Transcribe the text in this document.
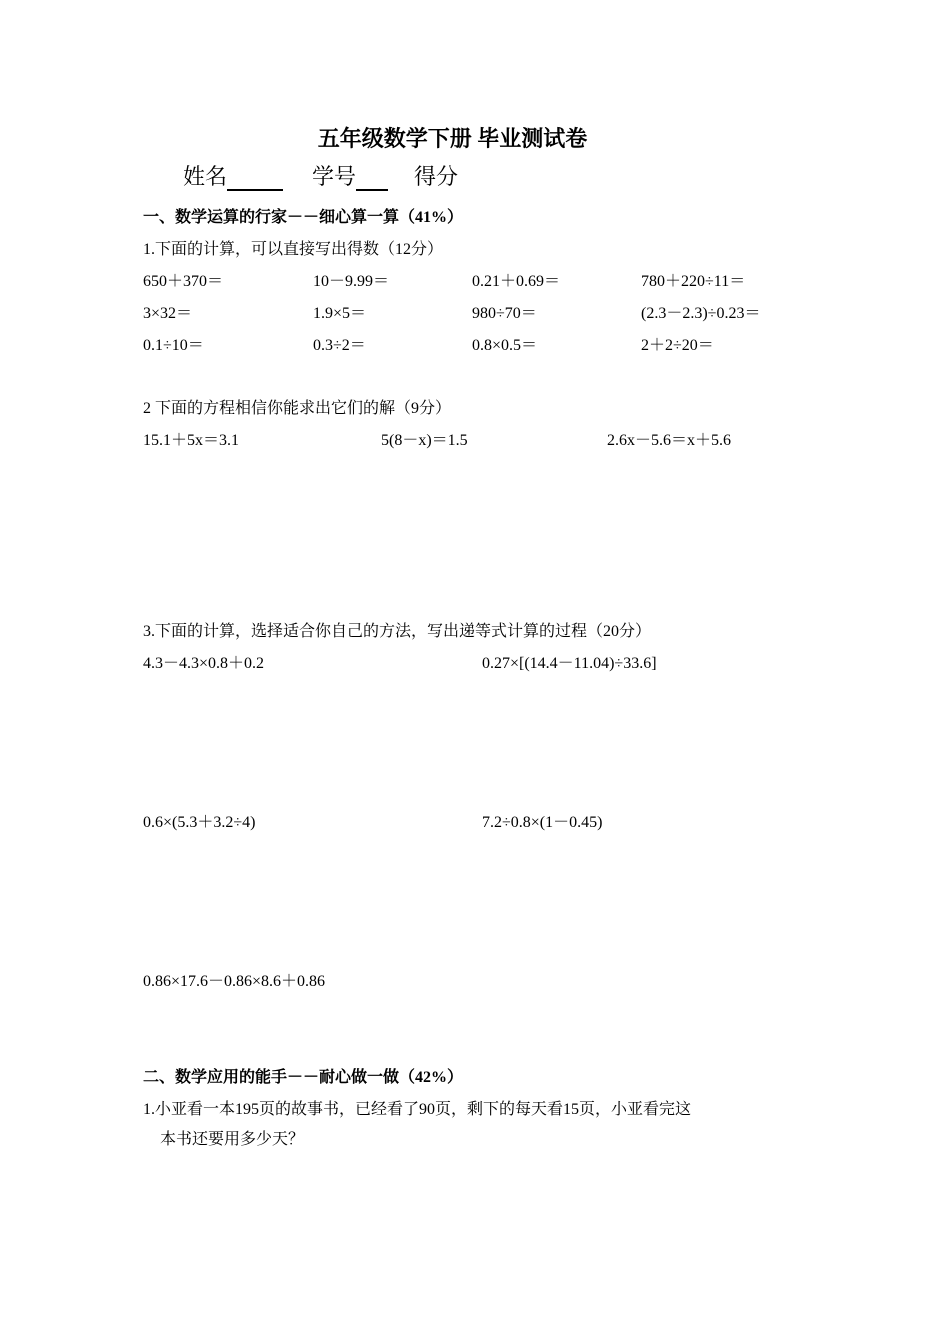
五年级数学下册 毕业测试卷
姓名	学号	得分
一、数学运算的行家－－细心算一算（41%）
1.下面的计算，可以直接写出得数（12分）
650＋370＝	10－9.99＝	0.21＋0.69＝	780＋220÷11＝
3×32＝	1.9×5＝	980÷70＝	(2.3－2.3)÷0.23＝
0.1÷10＝	0.3÷2＝	0.8×0.5＝	2＋2÷20＝
2 下面的方程相信你能求出它们的解（9分）
15.1＋5x＝3.1	5(8－x)＝1.5	2.6x－5.6＝x＋5.6
3.下面的计算，选择适合你自己的方法，写出递等式计算的过程（20分）
4.3－4.3×0.8＋0.2	0.27×[(14.4－11.04)÷33.6]
0.6×(5.3＋3.2÷4)	7.2÷0.8×(1－0.45)
0.86×17.6－0.86×8.6＋0.86
二、数学应用的能手－－耐心做一做（42%）
1.小亚看一本195页的故事书，已经看了90页，剩下的每天看15页，小亚看完这
本书还要用多少天？
